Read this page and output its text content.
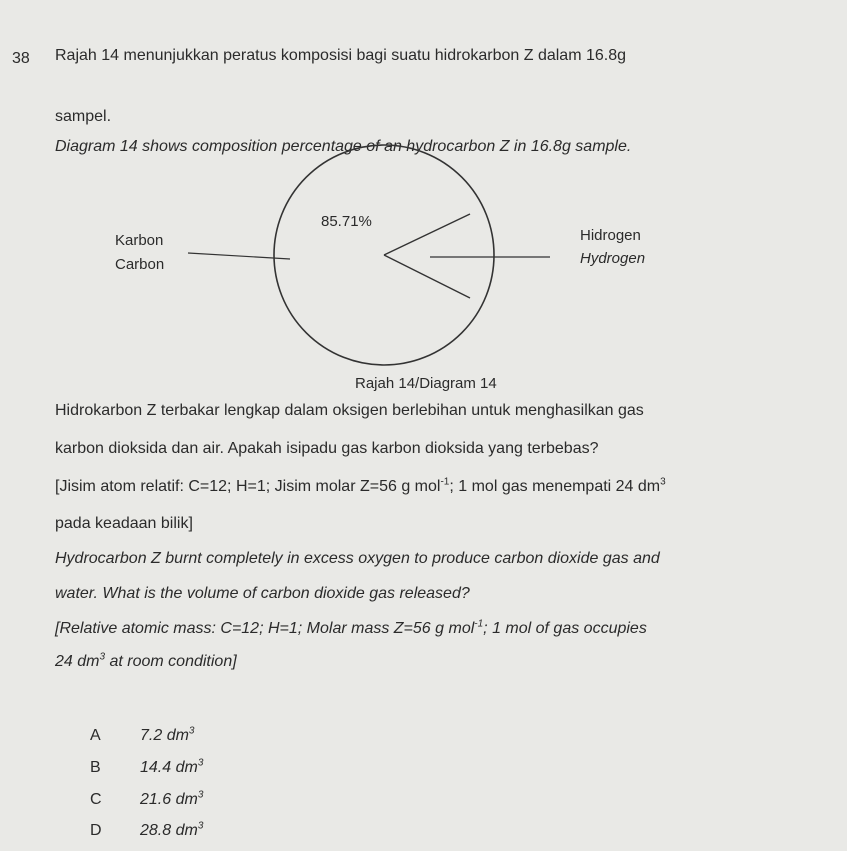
38 Rajah 14 menunjukkan peratus komposisi bagi suatu hidrokarbon Z dalam 16.8g
sampel.
Diagram 14 shows composition percentage of an hydrocarbon Z in 16.8g sample.
Karbon
Carbon
Hidrogen
Hydrogen
85.71%
Rajah 14/Diagram 14
Hidrokarbon Z terbakar lengkap dalam oksigen berlebihan untuk menghasilkan gas
karbon dioksida dan air. Apakah isipadu gas karbon dioksida yang terbebas?
[Jisim atom relatif: C=12; H=1; Jisim molar Z=56 g mol$^{-1}$; 1 mol gas menempati 24 $dm^3$
pada keadaan bilik]
Hydrocarbon Z burnt completely in excess oxygen to produce carbon dioxide gas and
water. What is the volume of carbon dioxide gas released?
[Relative atomic mass: C=12; H=1; Molar mass Z=56 g mol$^{-1}$; 1 mol of gas occupies
24 $dm^3$ at room condition]
A 7.2 $dm^3$
B 14.4 $dm^3$
C 21.6 $dm^3$
D 28.8 $dm^3$
